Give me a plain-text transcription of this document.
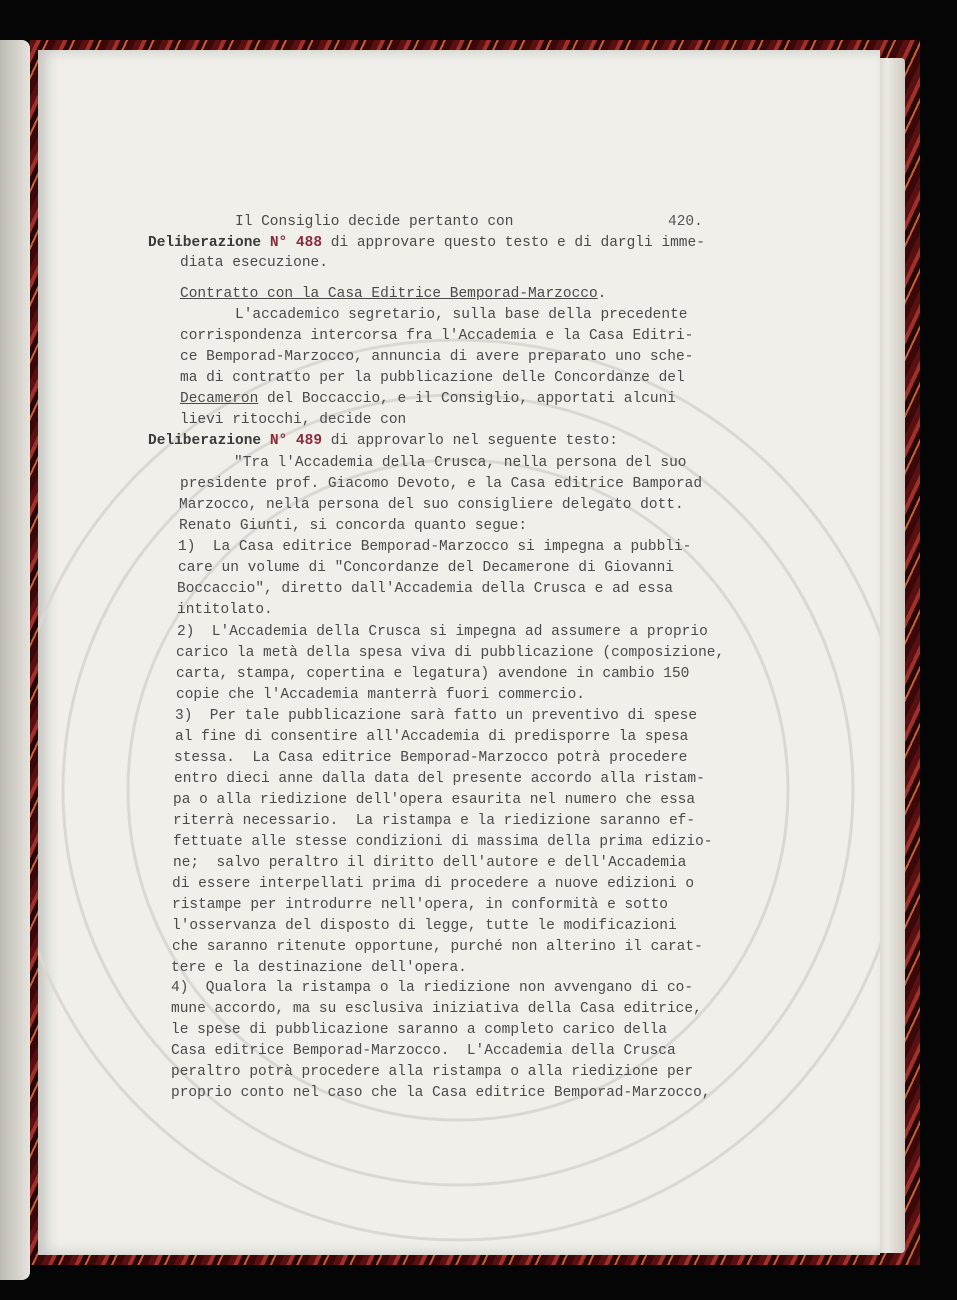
420.
Il Consiglio decide pertanto con
Deliberazione N° 488 di approvare questo testo e di dargli imme-
diata esecuzione.
Contratto con la Casa Editrice Bemporad-Marzocco.
L'accademico segretario, sulla base della precedente
corrispondenza intercorsa fra l'Accademia e la Casa Editri-
ce Bemporad-Marzocco, annuncia di avere preparato uno sche-
ma di contratto per la pubblicazione delle Concordanze del
Decameron del Boccaccio, e il Consiglio, apportati alcuni
lievi ritocchi, decide con
Deliberazione N° 489 di approvarlo nel seguente testo:
"Tra l'Accademia della Crusca, nella persona del suo
presidente prof. Giacomo Devoto, e la Casa editrice Bamporad
Marzocco, nella persona del suo consigliere delegato dott.
Renato Giunti, si concorda quanto segue:
1)  La Casa editrice Bemporad-Marzocco si impegna a pubbli-
care un volume di "Concordanze del Decamerone di Giovanni
Boccaccio", diretto dall'Accademia della Crusca e ad essa
intitolato.
2)  L'Accademia della Crusca si impegna ad assumere a proprio
carico la metà della spesa viva di pubblicazione (composizione,
carta, stampa, copertina e legatura) avendone in cambio 150
copie che l'Accademia manterrà fuori commercio.
3)  Per tale pubblicazione sarà fatto un preventivo di spese
al fine di consentire all'Accademia di predisporre la spesa
stessa.  La Casa editrice Bemporad-Marzocco potrà procedere
entro dieci anne dalla data del presente accordo alla ristam-
pa o alla riedizione dell'opera esaurita nel numero che essa
riterrà necessario.  La ristampa e la riedizione saranno ef-
fettuate alle stesse condizioni di massima della prima edizio-
ne;  salvo peraltro il diritto dell'autore e dell'Accademia
di essere interpellati prima di procedere a nuove edizioni o
ristampe per introdurre nell'opera, in conformità e sotto
l'osservanza del disposto di legge, tutte le modificazioni
che saranno ritenute opportune, purché non alterino il carat-
tere e la destinazione dell'opera.
4)  Qualora la ristampa o la riedizione non avvengano di co-
mune accordo, ma su esclusiva iniziativa della Casa editrice,
le spese di pubblicazione saranno a completo carico della
Casa editrice Bemporad-Marzocco.  L'Accademia della Crusca
peraltro potrà procedere alla ristampa o alla riedizione per
proprio conto nel caso che la Casa editrice Bemporad-Marzocco,
